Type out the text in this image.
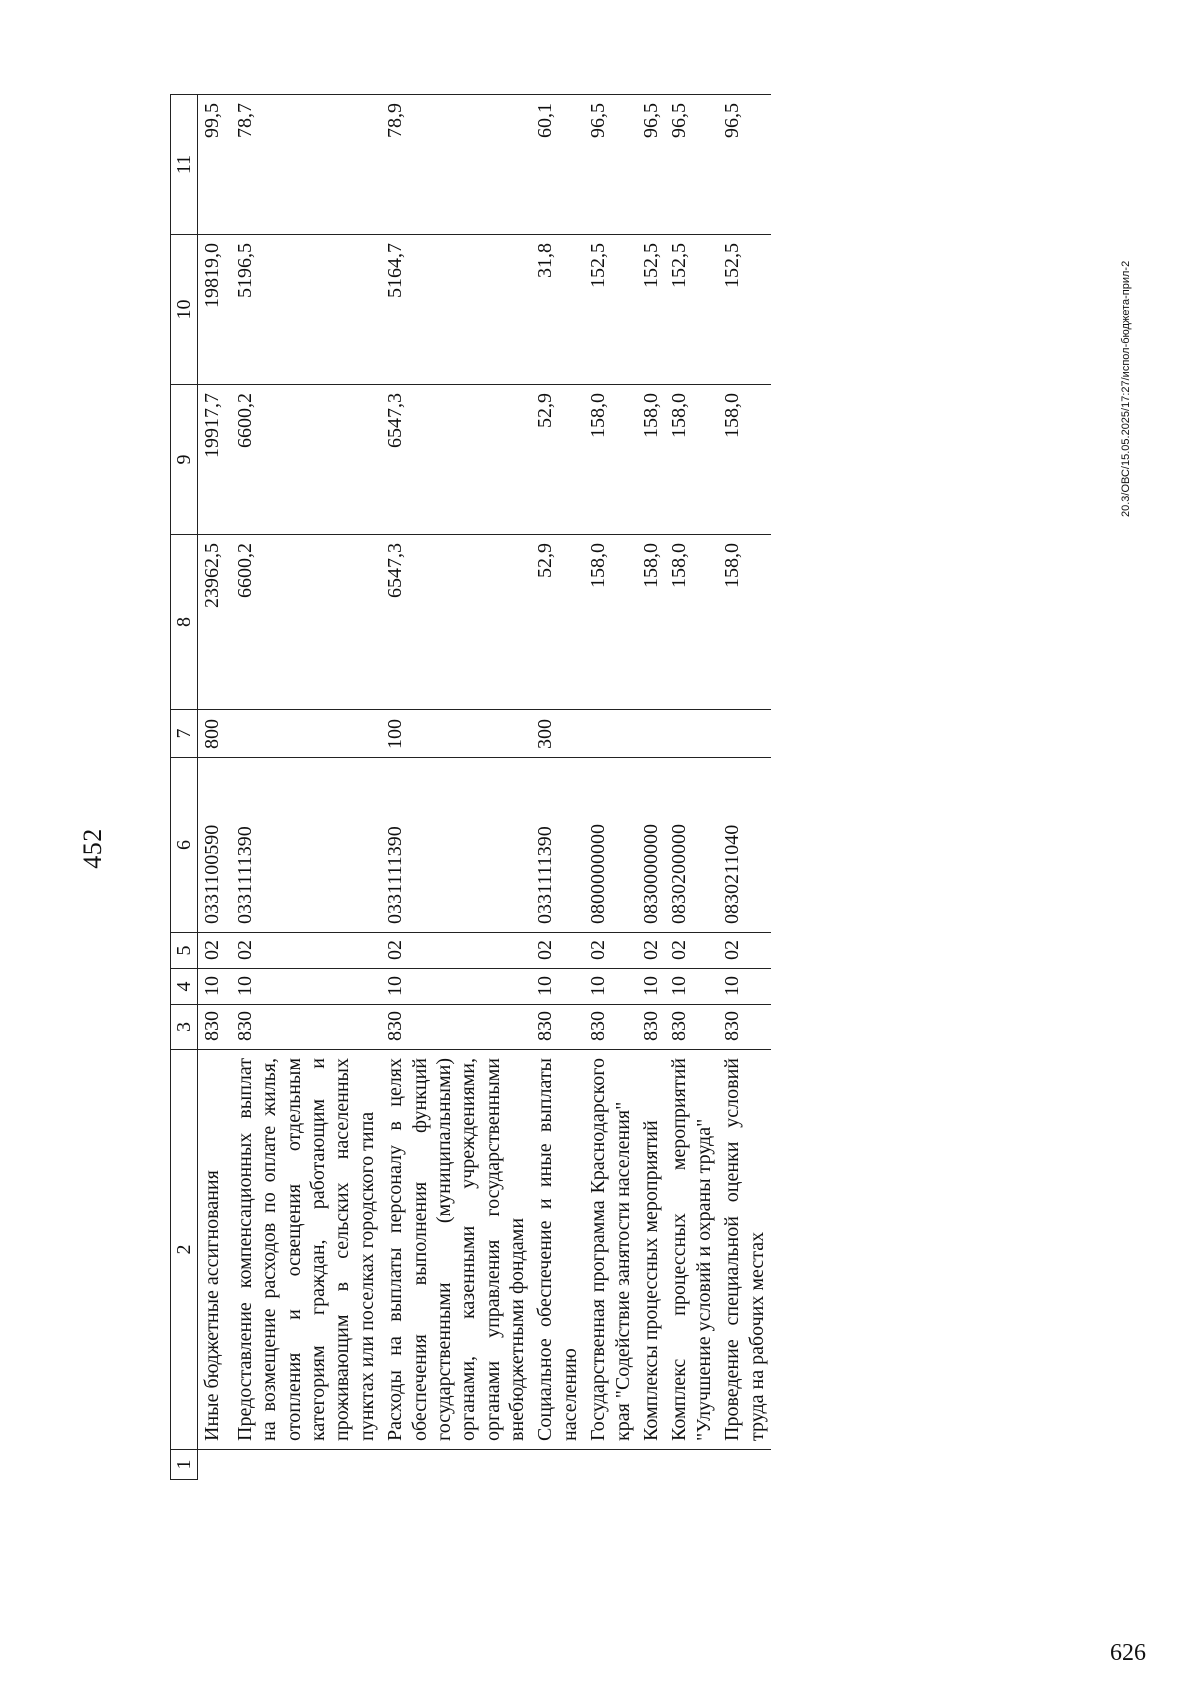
452
1	2	3	4	5	6	7	8	9	10	11
	Иные бюджетные ассигнования	830	10	02	0331100590	800	23962,5	19917,7	19819,0	99,5
	Предоставление компенсационных выплат на возмещение расходов по оплате жилья, отопления и освещения отдельным категориям граждан, работающим и проживающим в сельских населенных пунктах или поселках городского типа	830	10	02	0331111390		6600,2	6600,2	5196,5	78,7
	Расходы на выплаты персоналу в целях обеспечения выполнения функций государственными (муниципальными) органами, казенными учреждениями, органами управления государственными внебюджетными фондами	830	10	02	0331111390	100	6547,3	6547,3	5164,7	78,9
	Социальное обеспечение и иные выплаты населению	830	10	02	0331111390	300	52,9	52,9	31,8	60,1
	Государственная программа Краснодарского края "Содействие занятости населения"	830	10	02	0800000000		158,0	158,0	152,5	96,5
	Комплексы процессных мероприятий	830	10	02	0830000000		158,0	158,0	152,5	96,5
	Комплекс процессных мероприятий "Улучшение условий и охраны труда"	830	10	02	0830200000		158,0	158,0	152,5	96,5
	Проведение специальной оценки условий труда на рабочих местах	830	10	02	0830211040		158,0	158,0	152,5	96,5
20.3/ОВС/15.05.2025/17:27/испол-бюджета-прил-2
626
